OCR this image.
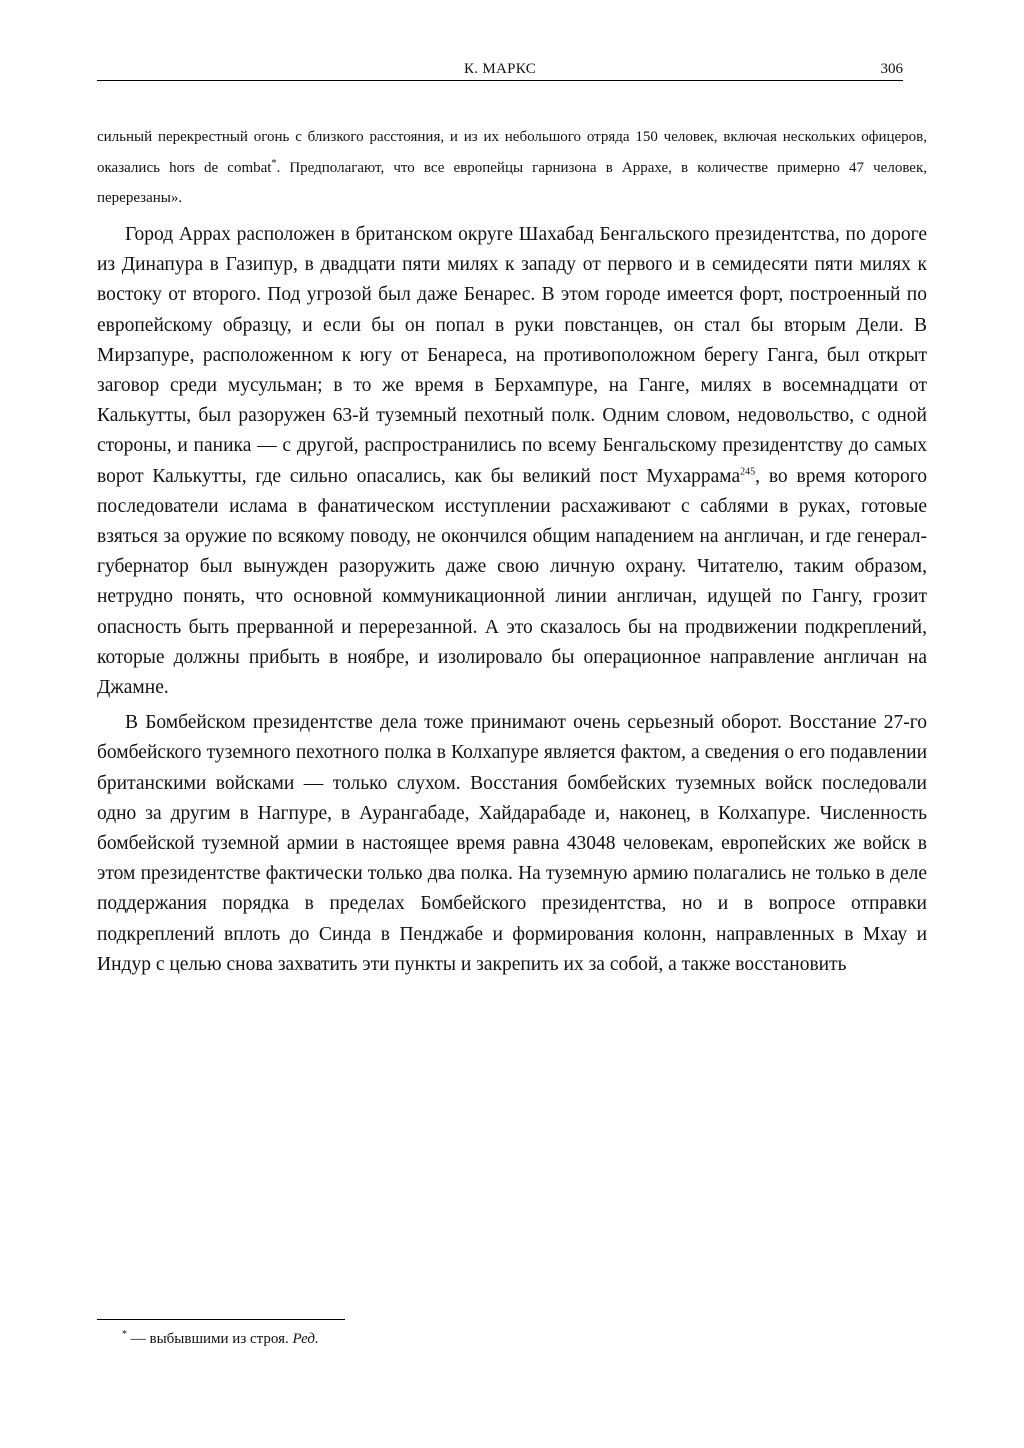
К. МАРКС	306
сильный перекрестный огонь с близкого расстояния, и из их небольшого отряда 150 человек, включая нескольких офицеров, оказались hors de combat*. Предполагают, что все европейцы гарнизона в Аррахе, в количестве примерно 47 человек, перерезаны».

Город Аррах расположен в британском округе Шахабад Бенгальского президентства, по дороге из Динапура в Газипур, в двадцати пяти милях к западу от первого и в семидесяти пяти милях к востоку от второго. Под угрозой был даже Бенарес. В этом городе имеется форт, построенный по европейскому образцу, и если бы он попал в руки повстанцев, он стал бы вторым Дели. В Мирзапуре, расположенном к югу от Бенареса, на противоположном берегу Ганга, был открыт заговор среди мусульман; в то же время в Берхампуре, на Ганге, милях в восемнадцати от Калькутты, был разоружен 63-й туземный пехотный полк. Одним словом, недовольство, с одной стороны, и паника — с другой, распространились по всему Бенгальскому президентству до самых ворот Калькутты, где сильно опасались, как бы великий пост Мухаррама$^{245}$, во время которого последователи ислама в фанатическом исступлении расхаживают с саблями в руках, готовые взяться за оружие по всякому поводу, не окончился общим нападением на англичан, и где генерал-губернатор был вынужден разоружить даже свою личную охрану. Читателю, таким образом, нетрудно понять, что основной коммуникационной линии англичан, идущей по Гангу, грозит опасность быть прерванной и перерезанной. А это сказалось бы на продвижении подкреплений, которые должны прибыть в ноябре, и изолировало бы операционное направление англичан на Джамне.

В Бомбейском президентстве дела тоже принимают очень серьезный оборот. Восстание 27-го бомбейского туземного пехотного полка в Колхапуре является фактом, а сведения о его подавлении британскими войсками — только слухом. Восстания бомбейских туземных войск последовали одно за другим в Нагпуре, в Аурангабаде, Хайдарабаде и, наконец, в Колхапуре. Численность бомбейской туземной армии в настоящее время равна 43048 человекам, европейских же войск в этом президентстве фактически только два полка. На туземную армию полагались не только в деле поддержания порядка в пределах Бомбейского президентства, но и в вопросе отправки подкреплений вплоть до Синда в Пенджабе и формирования колонн, направленных в Мхау и Индур с целью снова захватить эти пункты и закрепить их за собой, а также восстановить

* — выбывшими из строя. Ред.
